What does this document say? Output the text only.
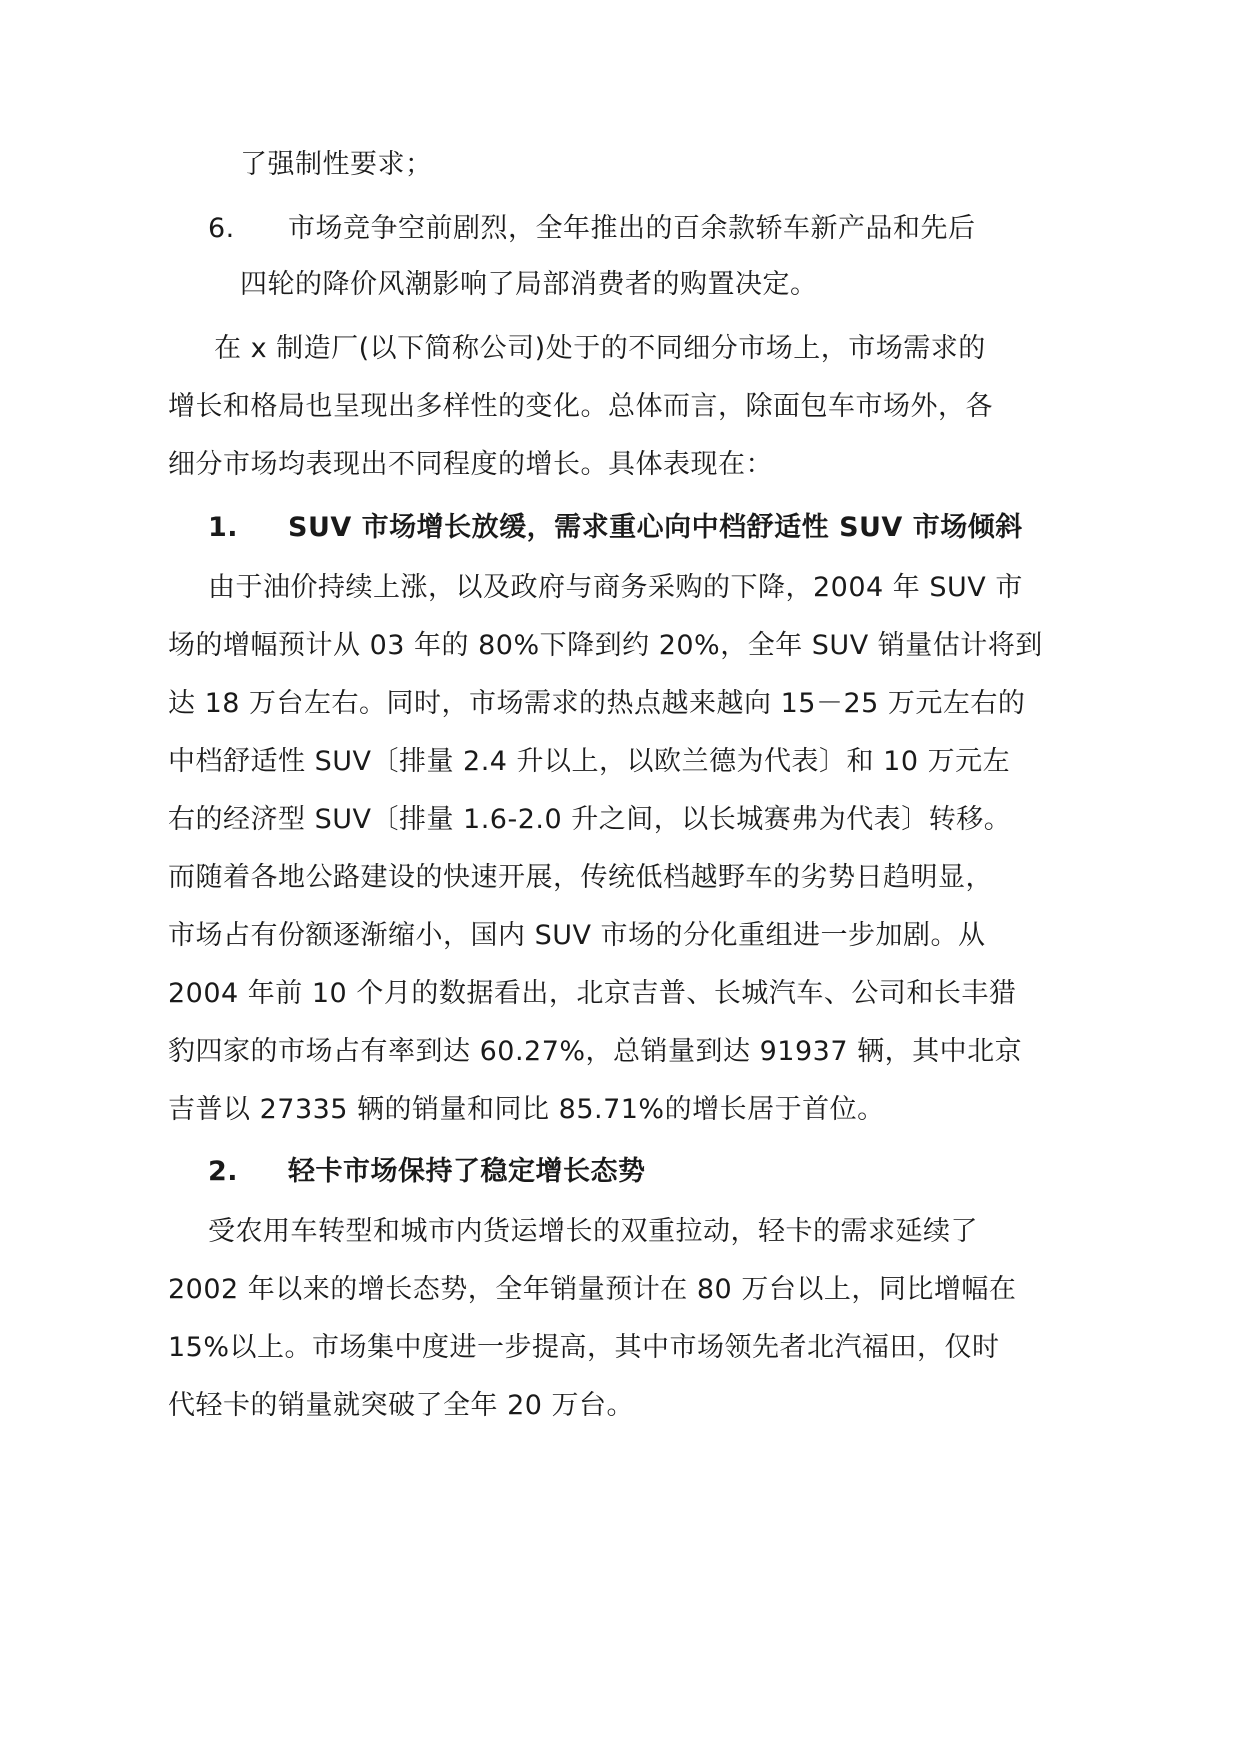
了强制性要求；
6. 市场竞争空前剧烈，全年推出的百余款轿车新产品和先后
四轮的降价风潮影响了局部消费者的购置决定。
在 x 制造厂(以下简称公司)处于的不同细分市场上，市场需求的
增长和格局也呈现出多样性的变化。总体而言，除面包车市场外，各
细分市场均表现出不同程度的增长。具体表现在：
1. SUV 市场增长放缓，需求重心向中档舒适性 SUV 市场倾斜
由于油价持续上涨，以及政府与商务采购的下降，2004 年 SUV 市
场的增幅预计从 03 年的 80%下降到约 20%，全年 SUV 销量估计将到
达 18 万台左右。同时，市场需求的热点越来越向 15－25 万元左右的
中档舒适性 SUV〔排量 2.4 升以上，以欧兰德为代表〕和 10 万元左
右的经济型 SUV〔排量 1.6-2.0 升之间，以长城赛弗为代表〕转移。
而随着各地公路建设的快速开展，传统低档越野车的劣势日趋明显，
市场占有份额逐渐缩小，国内 SUV 市场的分化重组进一步加剧。从
2004 年前 10 个月的数据看出，北京吉普、长城汽车、公司和长丰猎
豹四家的市场占有率到达 60.27%，总销量到达 91937 辆，其中北京
吉普以 27335 辆的销量和同比 85.71%的增长居于首位。
2. 轻卡市场保持了稳定增长态势
受农用车转型和城市内货运增长的双重拉动，轻卡的需求延续了
2002 年以来的增长态势，全年销量预计在 80 万台以上，同比增幅在
15%以上。市场集中度进一步提高，其中市场领先者北汽福田，仅时
代轻卡的销量就突破了全年 20 万台。
